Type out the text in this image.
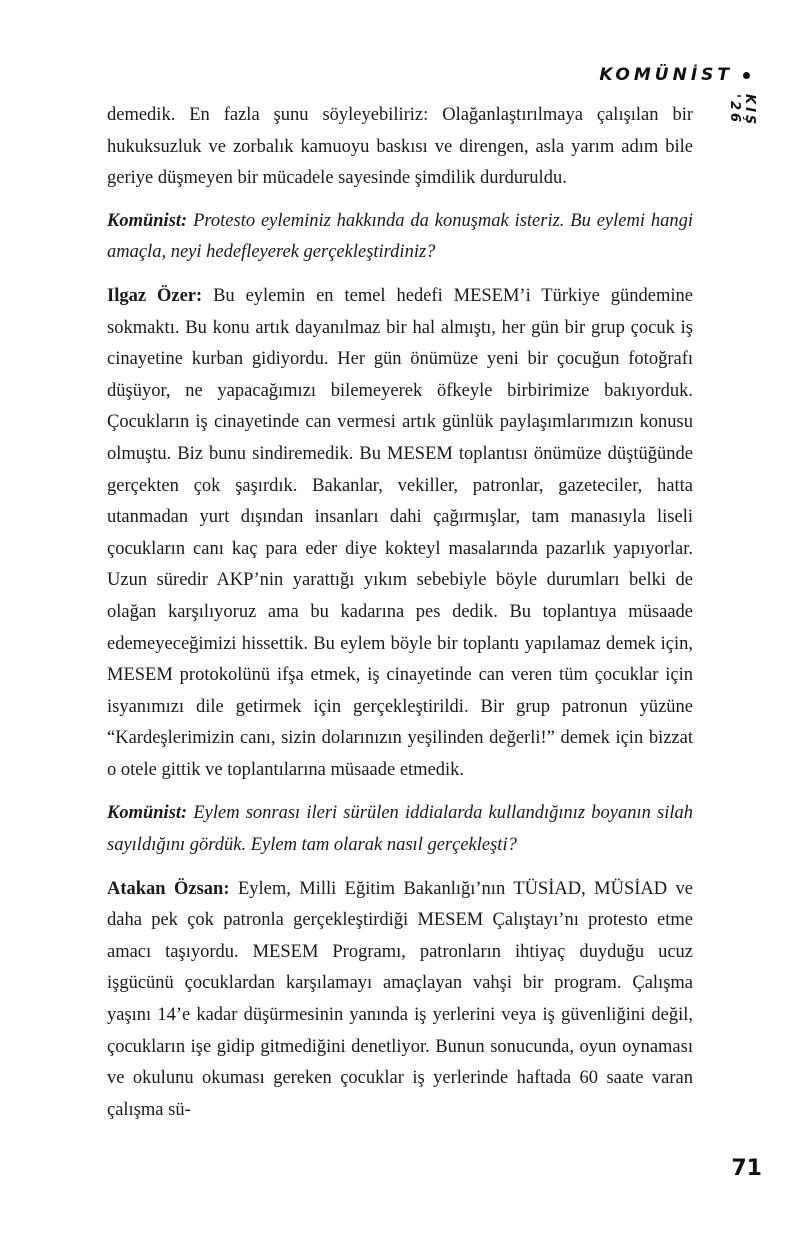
KOMÜNİST
KIŞ '26

demedik. En fazla şunu söyleyebiliriz: Olağanlaştırılmaya çalışılan bir hukuksuzluk ve zorbalık kamuoyu baskısı ve direngen, asla yarım adım bile geriye düşmeyen bir mücadele sayesinde şimdilik durduruldu.

Komünist: Protesto eyleminiz hakkında da konuşmak isteriz. Bu eylemi hangi amaçla, neyi hedefleyerek gerçekleştirdiniz?

Ilgaz Özer: Bu eylemin en temel hedefi MESEM’i Türkiye gündemine sokmaktı. Bu konu artık dayanılmaz bir hal almıştı, her gün bir grup çocuk iş cinayetine kurban gidiyordu. Her gün önümüze yeni bir çocuğun fotoğrafı düşüyor, ne yapacağımızı bilemeyerek öfkeyle birbirimize bakıyorduk. Çocukların iş cinayetinde can vermesi artık günlük paylaşımlarımızın konusu olmuştu. Biz bunu sindiremedik. Bu MESEM toplantısı önümüze düştüğünde gerçekten çok şaşırdık. Bakanlar, vekiller, patronlar, gazeteciler, hatta utanmadan yurt dışından insanları dahi çağırmışlar, tam manasıyla liseli çocukların canı kaç para eder diye kokteyl masalarında pazarlık yapıyorlar. Uzun süredir AKP’nin yarattığı yıkım sebebiyle böyle durumları belki de olağan karşılıyoruz ama bu kadarına pes dedik. Bu toplantıya müsaade edemeyeceğimizi hissettik. Bu eylem böyle bir toplantı yapılamaz demek için, MESEM protokolünü ifşa etmek, iş cinayetinde can veren tüm çocuklar için isyanımızı dile getirmek için gerçekleştirildi. Bir grup patronun yüzüne “Kardeşlerimizin canı, sizin dolarınızın yeşilinden değerli!” demek için bizzat o otele gittik ve toplantılarına müsaade etmedik.

Komünist: Eylem sonrası ileri sürülen iddialarda kullandığınız boyanın silah sayıldığını gördük. Eylem tam olarak nasıl gerçekleşti?

Atakan Özsan: Eylem, Milli Eğitim Bakanlığı’nın TÜSİAD, MÜSİAD ve daha pek çok patronla gerçekleştirdiği MESEM Çalıştayı’nı protesto etme amacı taşıyordu. MESEM Programı, patronların ihtiyaç duyduğu ucuz işgücünü çocuklardan karşılamayı amaçlayan vahşi bir program. Çalışma yaşını 14’e kadar düşürmesinin yanında iş yerlerini veya iş güvenliğini değil, çocukların işe gidip gitmediğini denetliyor. Bunun sonucunda, oyun oynaması ve okulunu okuması gereken çocuklar iş yerlerinde haftada 60 saate varan çalışma sü-

71
